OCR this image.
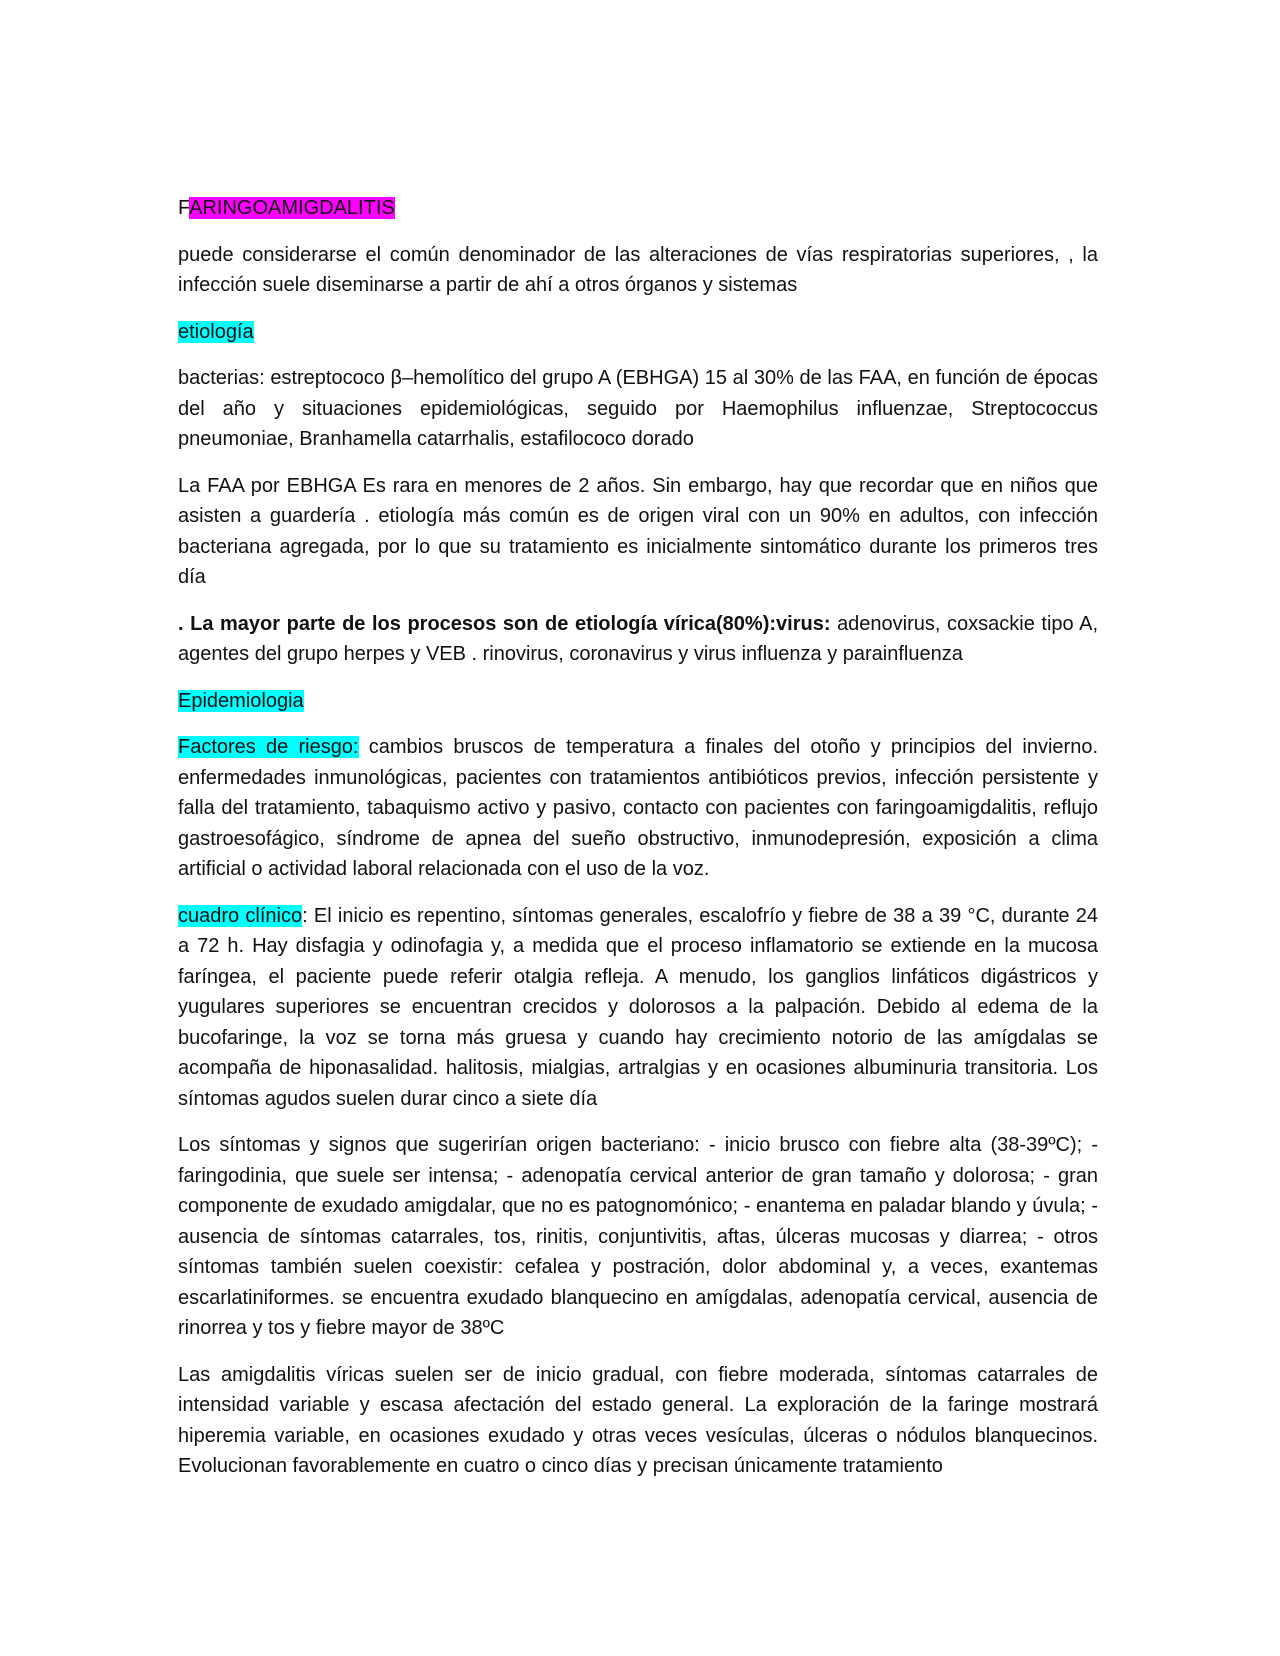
FARINGOAMIGDALITIS

puede considerarse el común denominador de las alteraciones de vías respiratorias superiores, , la infección suele diseminarse a partir de ahí a otros órganos y sistemas

etiología

bacterias: estreptococo β–hemolítico del grupo A (EBHGA) 15 al 30% de las FAA, en función de épocas del año y situaciones epidemiológicas, seguido por Haemophilus influenzae, Streptococcus pneumoniae, Branhamella catarrhalis, estafilococo dorado

La FAA por EBHGA Es rara en menores de 2 años. Sin embargo, hay que recordar que en niños que asisten a guardería . etiología más común es de origen viral con un 90% en adultos, con infección bacteriana agregada, por lo que su tratamiento es inicialmente sintomático durante los primeros tres día

. La mayor parte de los procesos son de etiología vírica(80%):virus: adenovirus, coxsackie tipo A, agentes del grupo herpes y VEB . rinovirus, coronavirus y virus influenza y parainfluenza

Epidemiologia

Factores de riesgo: cambios bruscos de temperatura a finales del otoño y principios del invierno. enfermedades inmunológicas, pacientes con tratamientos antibióticos previos, infección persistente y falla del tratamiento, tabaquismo activo y pasivo, contacto con pacientes con faringoamigdalitis, reflujo gastroesofágico, síndrome de apnea del sueño obstructivo, inmunodepresión, exposición a clima artificial o actividad laboral relacionada con el uso de la voz.

cuadro clínico: El inicio es repentino, síntomas generales, escalofrío y fiebre de 38 a 39 °C, durante 24 a 72 h. Hay disfagia y odinofagia y, a medida que el proceso inflamatorio se extiende en la mucosa faríngea, el paciente puede referir otalgia refleja. A menudo, los ganglios linfáticos digástricos y yugulares superiores se encuentran crecidos y dolorosos a la palpación. Debido al edema de la bucofaringe, la voz se torna más gruesa y cuando hay crecimiento notorio de las amígdalas se acompaña de hiponasalidad. halitosis, mialgias, artralgias y en ocasiones albuminuria transitoria. Los síntomas agudos suelen durar cinco a siete día

Los síntomas y signos que sugerirían origen bacteriano: - inicio brusco con fiebre alta (38-39ºC); - faringodinia, que suele ser intensa; - adenopatía cervical anterior de gran tamaño y dolorosa; - gran componente de exudado amigdalar, que no es patognomónico; - enantema en paladar blando y úvula; - ausencia de síntomas catarrales, tos, rinitis, conjuntivitis, aftas, úlceras mucosas y diarrea; - otros síntomas también suelen coexistir: cefalea y postración, dolor abdominal y, a veces, exantemas escarlatiniformes. se encuentra exudado blanquecino en amígdalas, adenopatía cervical, ausencia de rinorrea y tos y fiebre mayor de 38ºC

Las amigdalitis víricas suelen ser de inicio gradual, con fiebre moderada, síntomas catarrales de intensidad variable y escasa afectación del estado general. La exploración de la faringe mostrará hiperemia variable, en ocasiones exudado y otras veces vesículas, úlceras o nódulos blanquecinos. Evolucionan favorablemente en cuatro o cinco días y precisan únicamente tratamiento
